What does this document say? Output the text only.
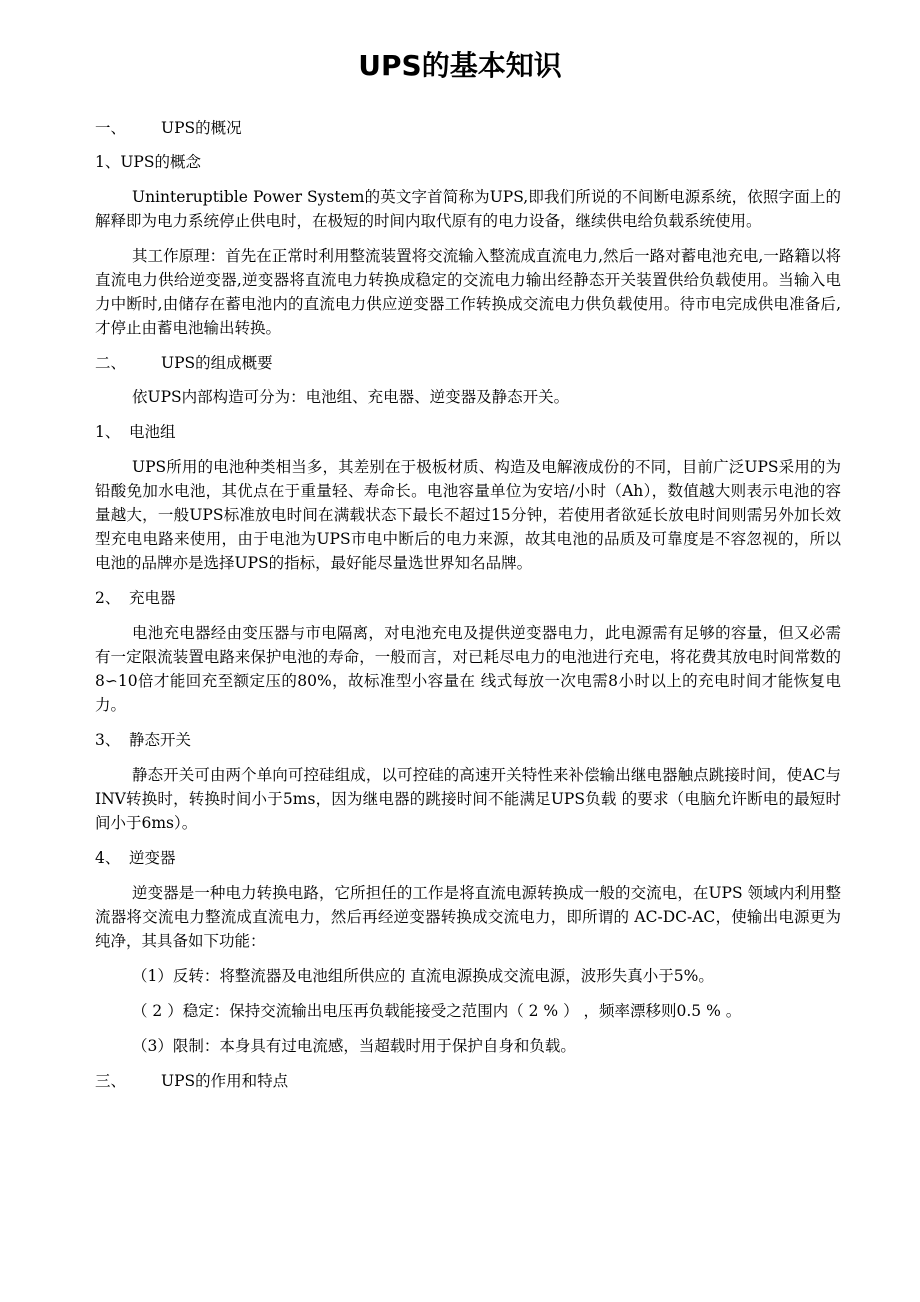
UPS的基本知识
一、 UPS的概况
1、UPS的概念

Uninteruptible Power System的英文字首简称为UPS,即我们所说的不间断电源系统，依照字面上的解释即为电力系统停止供电时，在极短的时间内取代原有的电力设备，继续供电给负载系统使用。

其工作原理：首先在正常时利用整流装置将交流输入整流成直流电力,然后一路对蓄电池充电,一路籍以将直流电力供给逆变器,逆变器将直流电力转换成稳定的交流电力输出经静态开关装置供给负载使用。当输入电力中断时,由储存在蓄电池内的直流电力供应逆变器工作转换成交流电力供负载使用。待市电完成供电准备后,才停止由蓄电池输出转换。

二、 UPS的组成概要

依UPS内部构造可分为：电池组、充电器、逆变器及静态开关。

1、 电池组

UPS所用的电池种类相当多，其差别在于极板材质、构造及电解液成份的不同，目前广泛UPS采用的为铅酸免加水电池，其优点在于重量轻、寿命长。电池容量单位为安培/小时（Ah），数值越大则表示电池的容量越大，一般UPS标准放电时间在满载状态下最长不超过15分钟，若使用者欲延长放电时间则需另外加长效型充电电路来使用，由于电池为UPS市电中断后的电力来源，故其电池的品质及可靠度是不容忽视的，所以电池的品牌亦是选择UPS的指标，最好能尽量选世界知名品牌。

2、 充电器

电池充电器经由变压器与市电隔离，对电池充电及提供逆变器电力，此电源需有足够的容量，但又必需有一定限流装置电路来保护电池的寿命，一般而言，对已耗尽电力的电池进行充电，将花费其放电时间常数的8∽10倍才能回充至额定压的80%，故标准型小容量在 线式每放一次电需8小时以上的充电时间才能恢复电力。

3、 静态开关

静态开关可由两个单向可控硅组成，以可控硅的高速开关特性来补偿输出继电器触点跳接时间，使AC与INV转换时，转换时间小于5ms，因为继电器的跳接时间不能满足UPS负载 的要求（电脑允许断电的最短时间小于6ms）。

4、 逆变器

逆变器是一种电力转换电路，它所担任的工作是将直流电源转换成一般的交流电，在UPS 领域内利用整流器将交流电力整流成直流电力，然后再经逆变器转换成交流电力，即所谓的 AC-DC-AC，使输出电源更为纯净，其具备如下功能：

（1）反转：将整流器及电池组所供应的 直流电源换成交流电源，波形失真小于5%。

（ 2 ）稳定：保持交流输出电压再负载能接受之范围内（ 2 % ） ，频率漂移则0.5 % 。

（3）限制：本身具有过电流感，当超载时用于保护自身和负载。

三、 UPS的作用和特点
